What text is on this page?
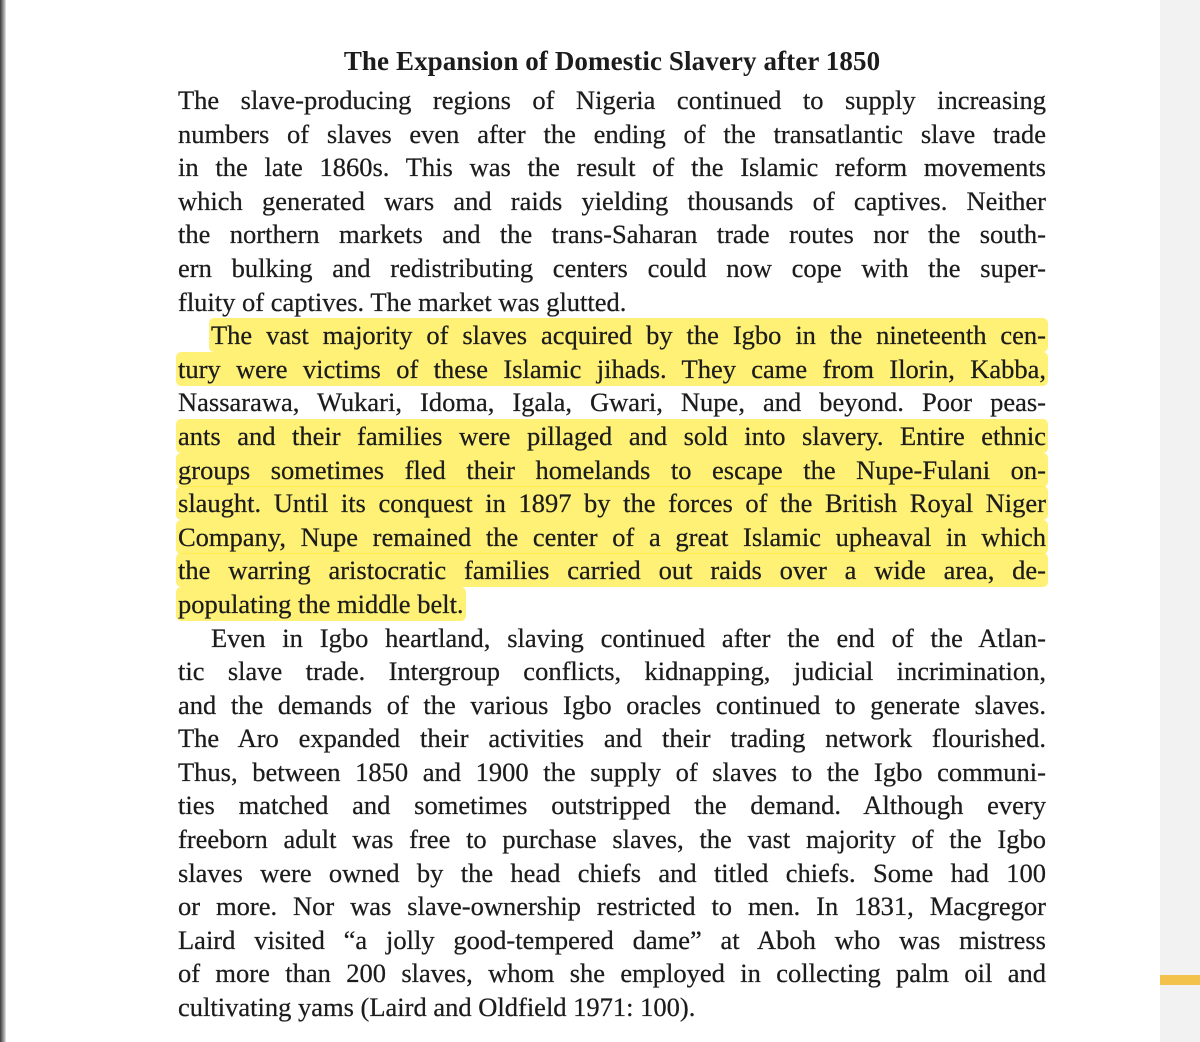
The Expansion of Domestic Slavery after 1850
The slave-producing regions of Nigeria continued to supply increasing
numbers of slaves even after the ending of the transatlantic slave trade
in the late 1860s. This was the result of the Islamic reform movements
which generated wars and raids yielding thousands of captives. Neither
the northern markets and the trans-Saharan trade routes nor the south-
ern bulking and redistributing centers could now cope with the super-
fluity of captives. The market was glutted.
The vast majority of slaves acquired by the Igbo in the nineteenth cen-
tury were victims of these Islamic jihads. They came from Ilorin, Kabba,
Nassarawa, Wukari, Idoma, Igala, Gwari, Nupe, and beyond. Poor peas-
ants and their families were pillaged and sold into slavery. Entire ethnic
groups sometimes fled their homelands to escape the Nupe-Fulani on-
slaught. Until its conquest in 1897 by the forces of the British Royal Niger
Company, Nupe remained the center of a great Islamic upheaval in which
the warring aristocratic families carried out raids over a wide area, de-
populating the middle belt.
Even in Igbo heartland, slaving continued after the end of the Atlan-
tic slave trade. Intergroup conflicts, kidnapping, judicial incrimination,
and the demands of the various Igbo oracles continued to generate slaves.
The Aro expanded their activities and their trading network flourished.
Thus, between 1850 and 1900 the supply of slaves to the Igbo communi-
ties matched and sometimes outstripped the demand. Although every
freeborn adult was free to purchase slaves, the vast majority of the Igbo
slaves were owned by the head chiefs and titled chiefs. Some had 100
or more. Nor was slave-ownership restricted to men. In 1831, Macgregor
Laird visited “a jolly good-tempered dame” at Aboh who was mistress
of more than 200 slaves, whom she employed in collecting palm oil and
cultivating yams (Laird and Oldfield 1971: 100).
